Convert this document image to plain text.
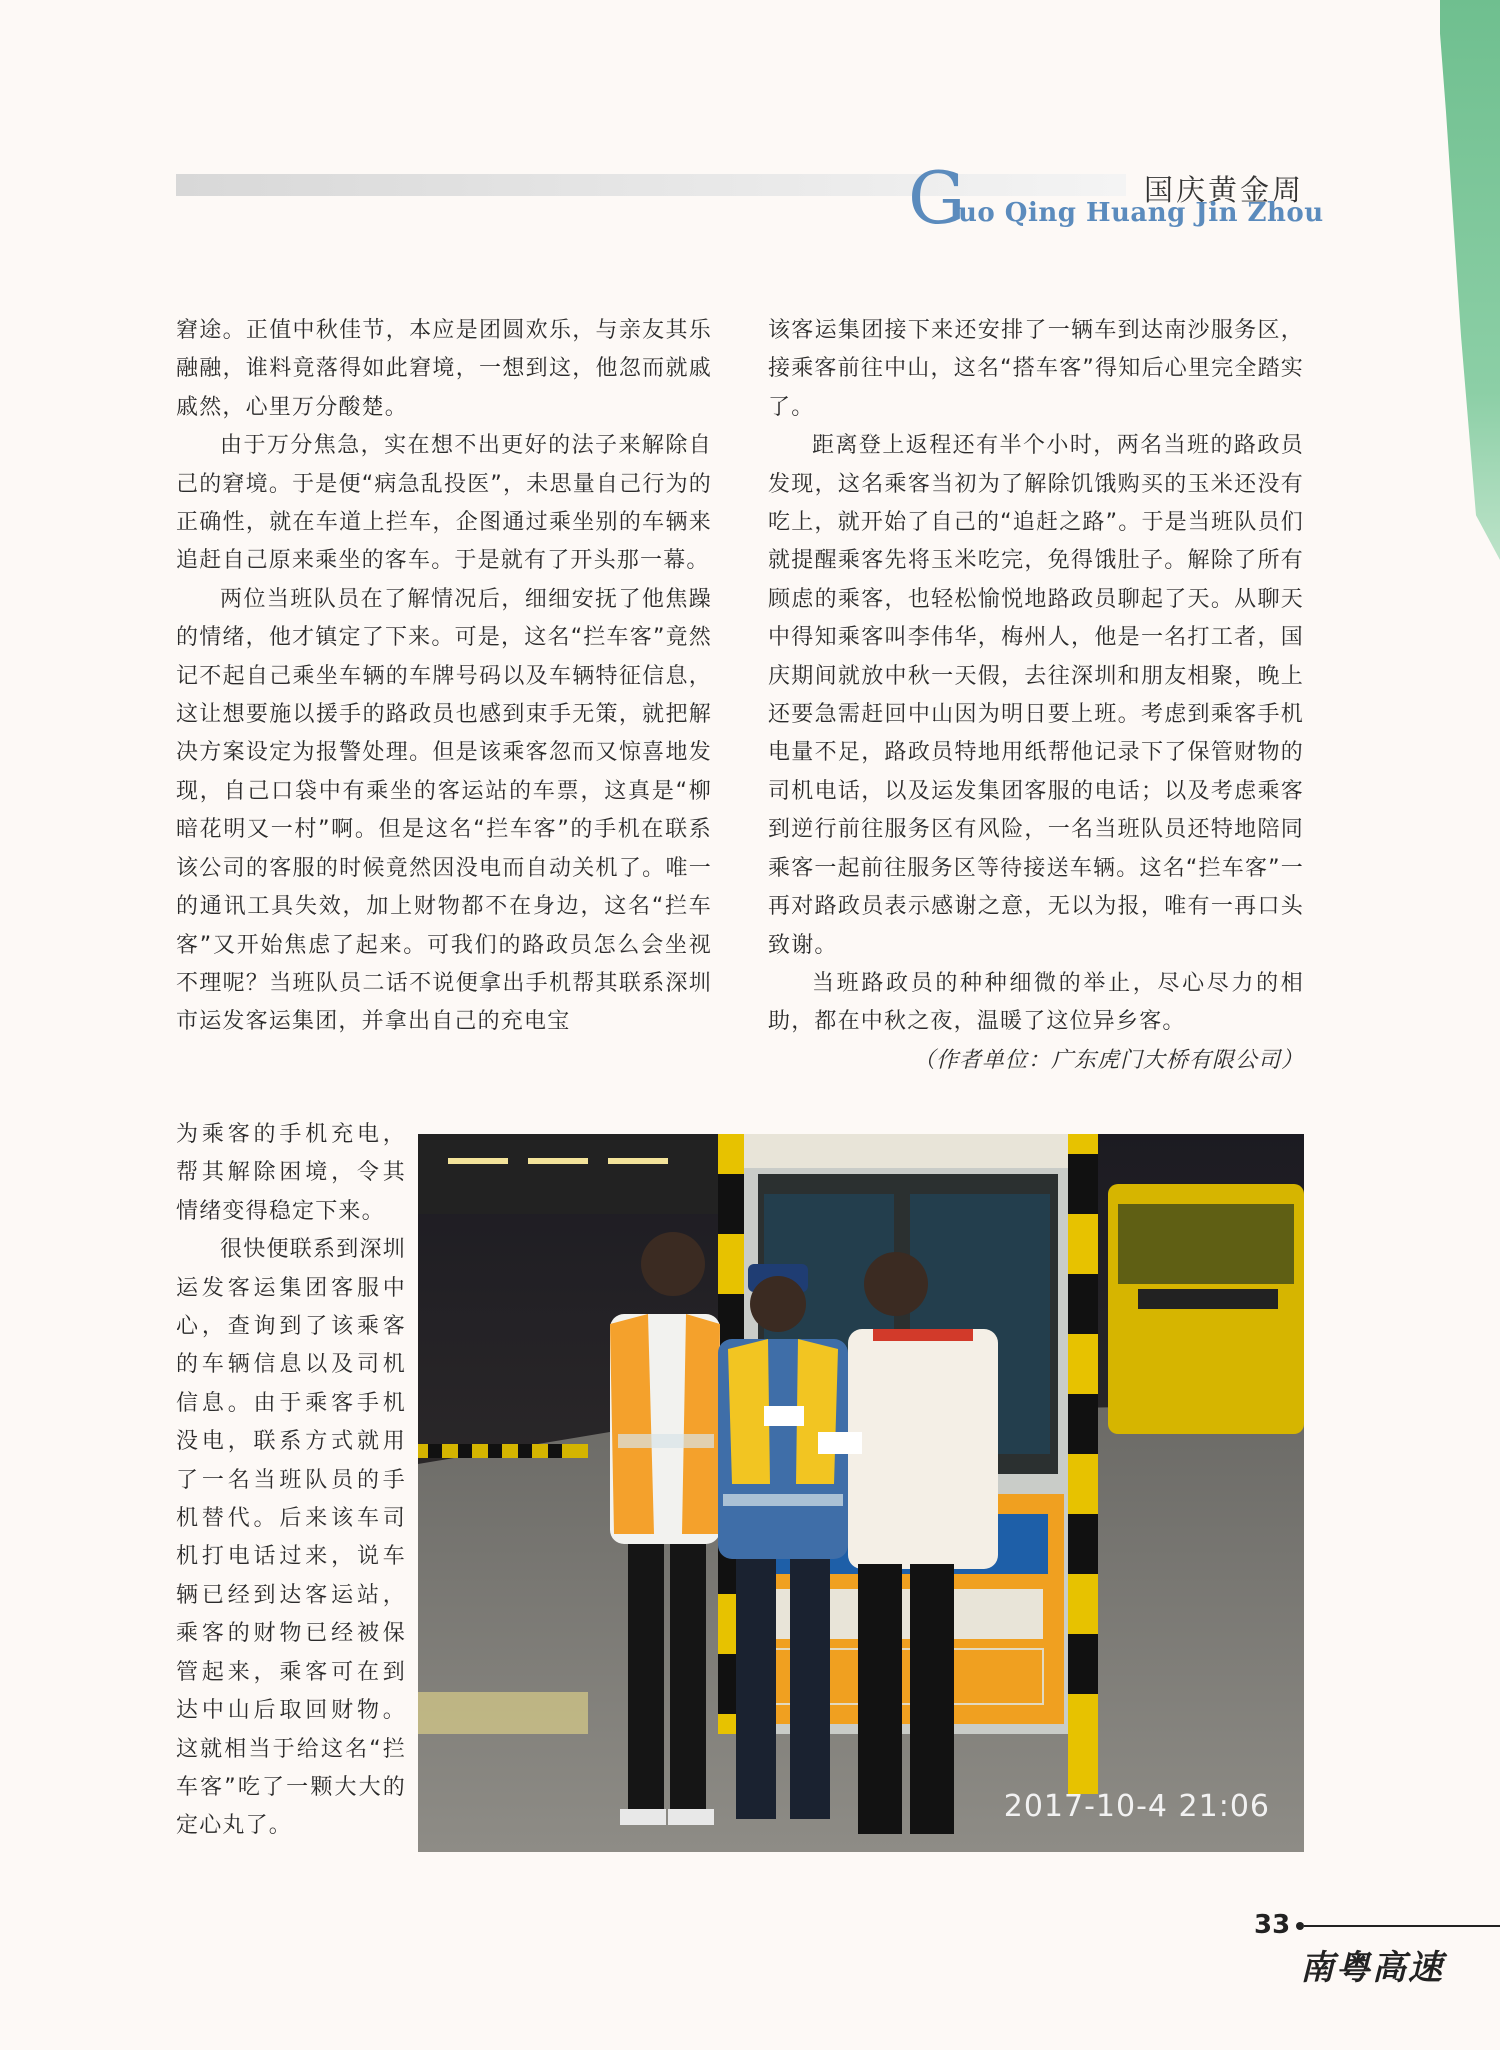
国庆黄金周
G
uo Qing Huang Jin Zhou

窘途。正值中秋佳节，本应是团圆欢乐，与亲友其乐融融，谁料竟落得如此窘境，一想到这，他忽而就戚戚然，心里万分酸楚。

由于万分焦急，实在想不出更好的法子来解除自己的窘境。于是便“病急乱投医”，未思量自己行为的正确性，就在车道上拦车，企图通过乘坐别的车辆来追赶自己原来乘坐的客车。于是就有了开头那一幕。

两位当班队员在了解情况后，细细安抚了他焦躁的情绪，他才镇定了下来。可是，这名“拦车客”竟然记不起自己乘坐车辆的车牌号码以及车辆特征信息，这让想要施以援手的路政员也感到束手无策，就把解决方案设定为报警处理。但是该乘客忽而又惊喜地发现，自己口袋中有乘坐的客运站的车票，这真是“柳暗花明又一村”啊。但是这名“拦车客”的手机在联系该公司的客服的时候竟然因没电而自动关机了。唯一的通讯工具失效，加上财物都不在身边，这名“拦车客”又开始焦虑了起来。可我们的路政员怎么会坐视不理呢？当班队员二话不说便拿出手机帮其联系深圳市运发客运集团，并拿出自己的充电宝

为乘客的手机充电，帮其解除困境，令其情绪变得稳定下来。

很快便联系到深圳运发客运集团客服中心，查询到了该乘客的车辆信息以及司机信息。由于乘客手机没电，联系方式就用了一名当班队员的手机替代。后来该车司机打电话过来，说车辆已经到达客运站，乘客的财物已经被保管起来，乘客可在到达中山后取回财物。这就相当于给这名“拦车客”吃了一颗大大的定心丸了。

该客运集团接下来还安排了一辆车到达南沙服务区，接乘客前往中山，这名“搭车客”得知后心里完全踏实了。

距离登上返程还有半个小时，两名当班的路政员发现，这名乘客当初为了解除饥饿购买的玉米还没有吃上，就开始了自己的“追赶之路”。于是当班队员们就提醒乘客先将玉米吃完，免得饿肚子。解除了所有顾虑的乘客，也轻松愉悦地路政员聊起了天。从聊天中得知乘客叫李伟华，梅州人，他是一名打工者，国庆期间就放中秋一天假，去往深圳和朋友相聚，晚上还要急需赶回中山因为明日要上班。考虑到乘客手机电量不足，路政员特地用纸帮他记录下了保管财物的司机电话，以及运发集团客服的电话；以及考虑乘客到逆行前往服务区有风险，一名当班队员还特地陪同乘客一起前往服务区等待接送车辆。这名“拦车客”一再对路政员表示感谢之意，无以为报，唯有一再口头致谢。

当班路政员的种种细微的举止，尽心尽力的相助，都在中秋之夜，温暖了这位异乡客。

（作者单位：广东虎门大桥有限公司）

2017-10-4 21:06
33
南粤高速
